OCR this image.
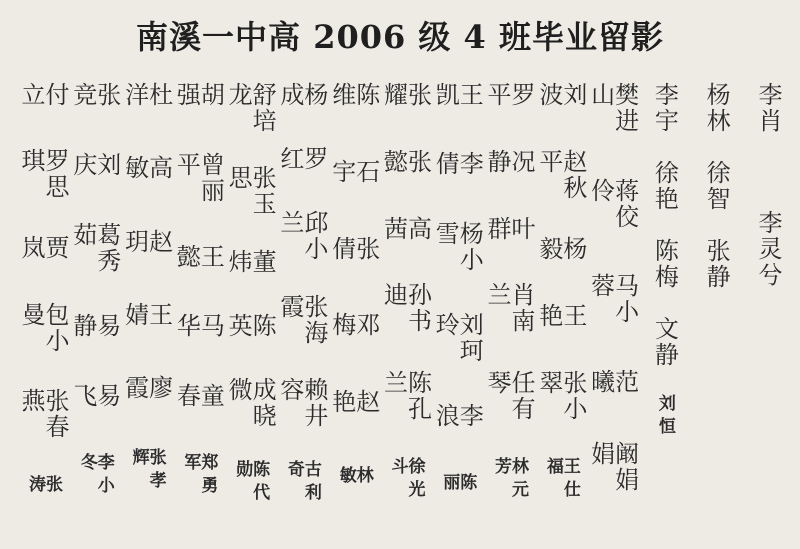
南溪一中高 2006 级 4 班毕业留影
李肖
李灵兮
杨林
徐智
张静
李宇
徐艳
陈梅
文静
刘恒
樊进山
蒋佼伶
马小蓉
范曦
阚娟娟
刘波
赵秋平
杨毅
王艳
张小翠
王仕福
罗平
况静
叶群
肖南兰
任有琴
林元芳
王凯
李倩
杨小雪
刘珂玲
李浪
陈丽
张耀
张懿
高茜
孙书迪
陈孔兰
徐光斗
陈维
石宇
张倩
邓梅
赵艳
林敏
杨成
罗红
邱小兰
张海霞
赖井容
古利奇
舒培龙
张玉思
董炜
陈英
成晓微
陈代勋
胡强
曾丽平
王懿
马华
童春
郑勇军
杜洋
高敏
赵玥
王婧
廖霞
张孝辉
张竞
刘庆
葛秀茹
易静
易飞
李小冬
付立
罗思琪
贾岚
包小曼
张春燕
张涛
